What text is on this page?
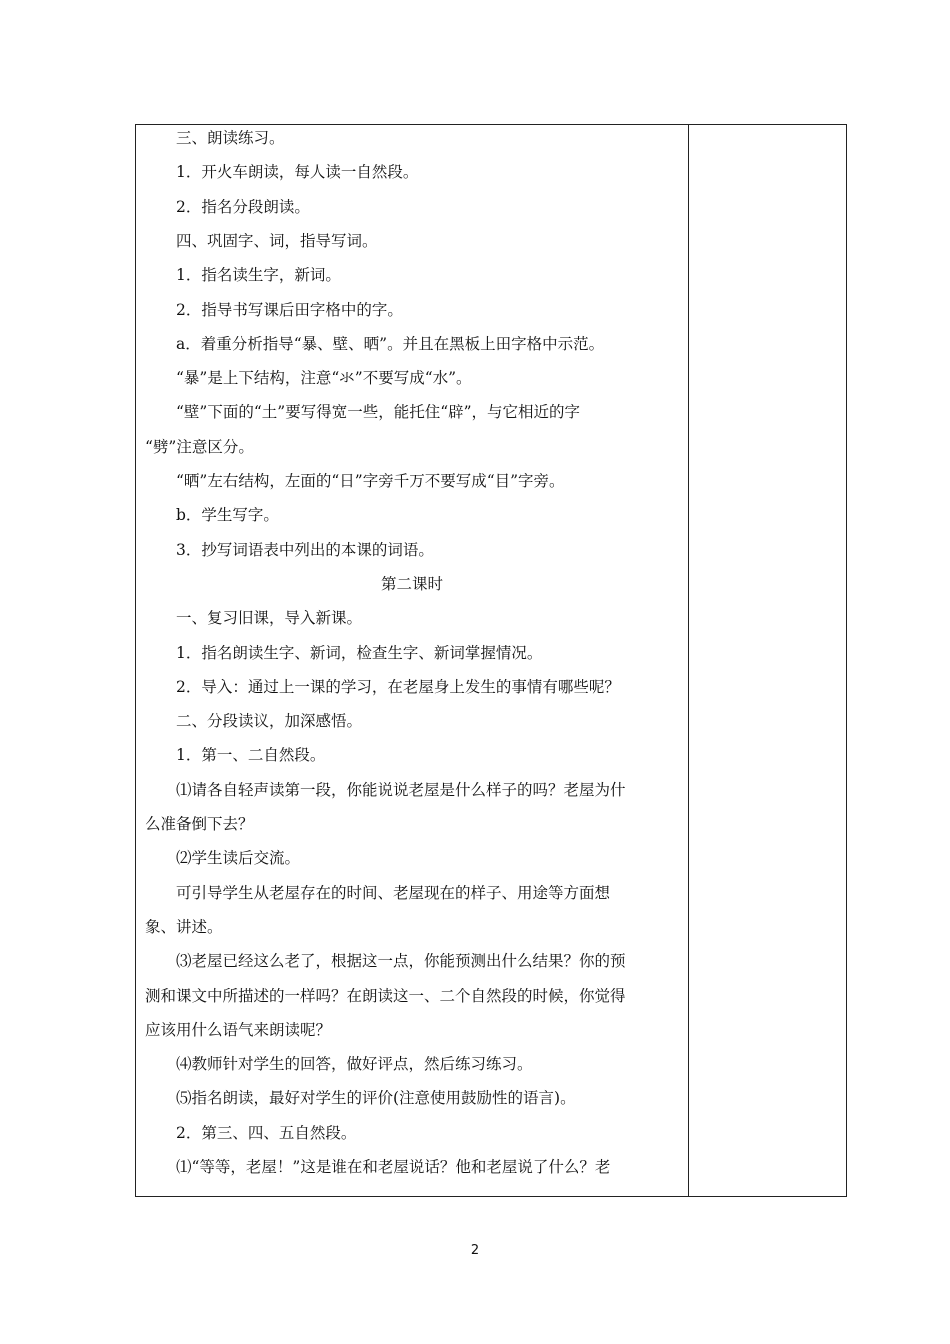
三、朗读练习。
1．开火车朗读，每人读一自然段。
2．指名分段朗读。
四、巩固字、词，指导写词。
1．指名读生字，新词。
2．指导书写课后田字格中的字。
a．着重分析指导“暴、壁、晒”。并且在黑板上田字格中示范。
“暴”是上下结构，注意“氺”不要写成“水”。
“壁”下面的“土”要写得宽一些，能托住“辟”，与它相近的字
“劈”注意区分。
“晒”左右结构，左面的“日”字旁千万不要写成“目”字旁。
b．学生写字。
3．抄写词语表中列出的本课的词语。
第二课时
一、复习旧课，导入新课。
1．指名朗读生字、新词，检查生字、新词掌握情况。
2．导入：通过上一课的学习，在老屋身上发生的事情有哪些呢？
二、分段读议，加深感悟。
1．第一、二自然段。
⑴请各自轻声读第一段，你能说说老屋是什么样子的吗？老屋为什
么准备倒下去？
⑵学生读后交流。
可引导学生从老屋存在的时间、老屋现在的样子、用途等方面想
象、讲述。
⑶老屋已经这么老了，根据这一点，你能预测出什么结果？你的预
测和课文中所描述的一样吗？在朗读这一、二个自然段的时候，你觉得
应该用什么语气来朗读呢？
⑷教师针对学生的回答，做好评点，然后练习练习。
⑸指名朗读，最好对学生的评价(注意使用鼓励性的语言)。
2．第三、四、五自然段。
⑴“等等，老屋！”这是谁在和老屋说话？他和老屋说了什么？老
2
